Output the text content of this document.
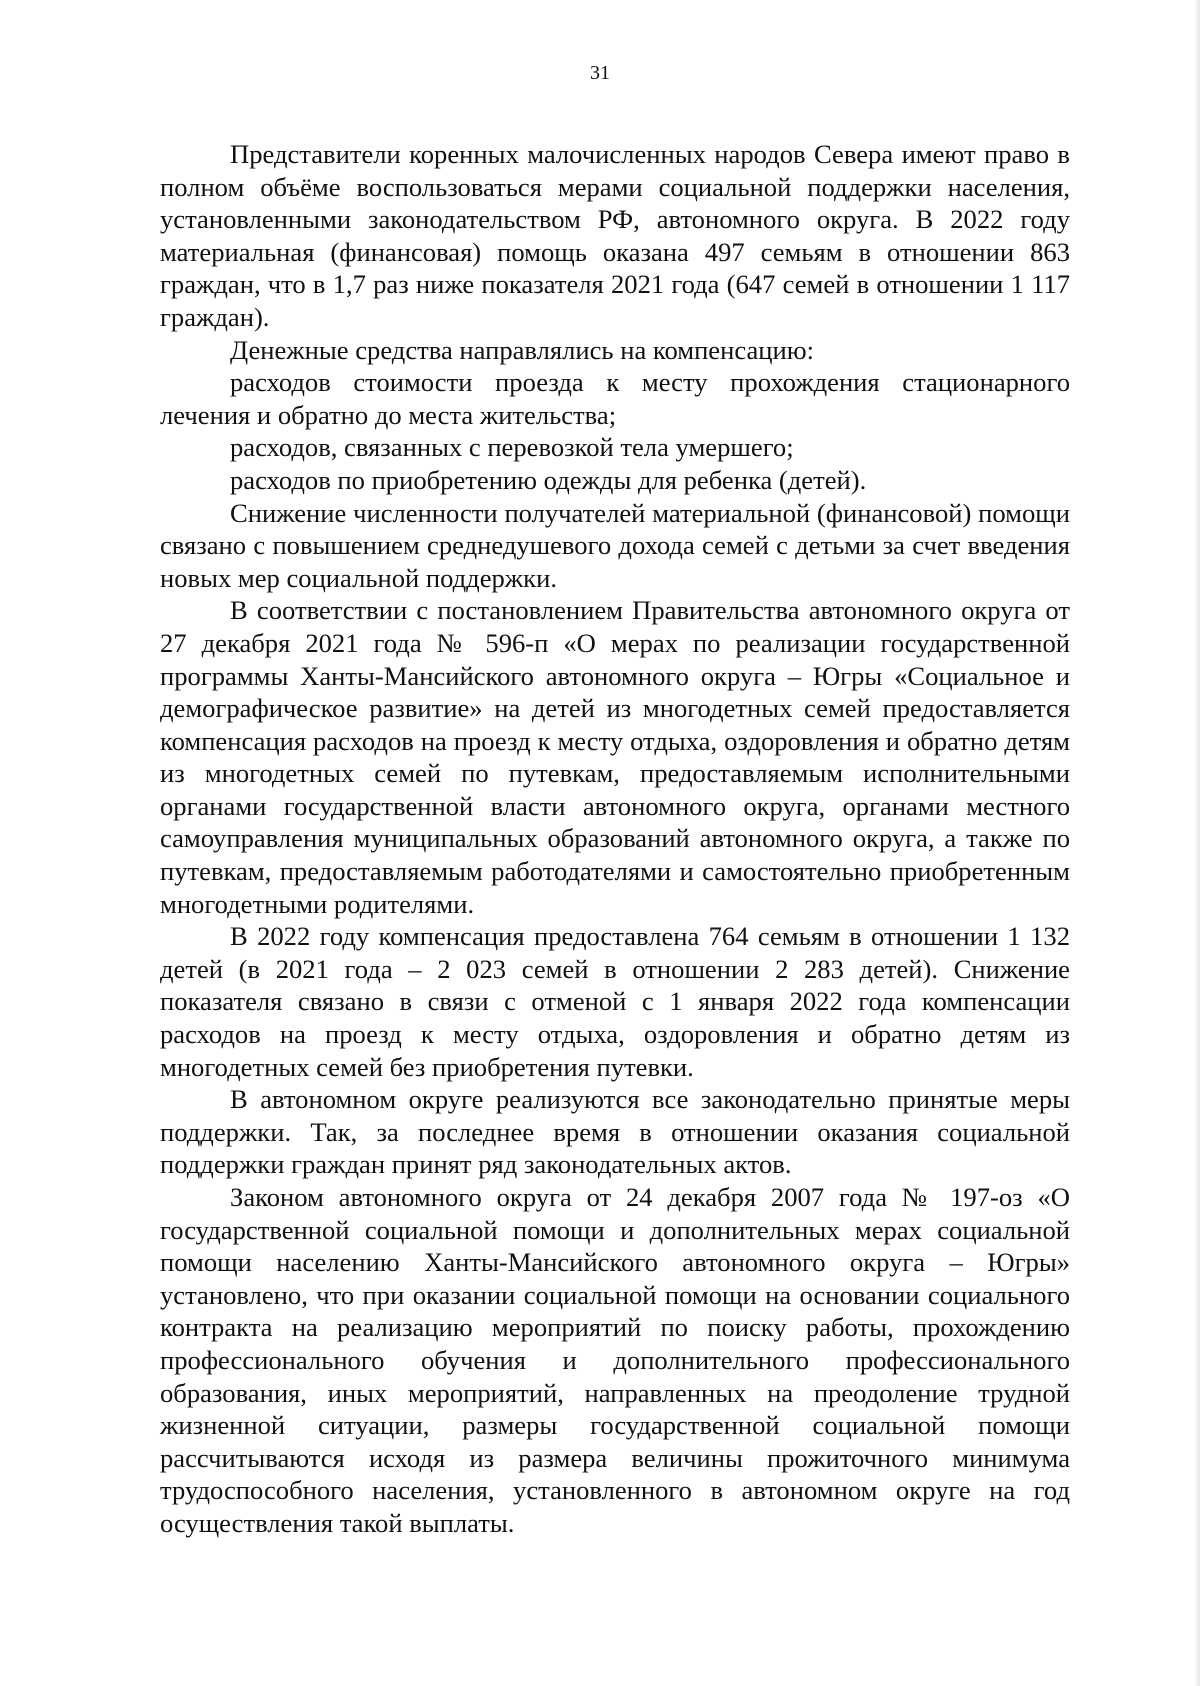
31

Представители коренных малочисленных народов Севера имеют право в полном объёме воспользоваться мерами социальной поддержки населения, установленными законодательством РФ, автономного округа. В 2022 году материальная (финансовая) помощь оказана 497 семьям в отношении 863 граждан, что в 1,7 раз ниже показателя 2021 года (647 семей в отношении 1 117 граждан).

Денежные средства направлялись на компенсацию:

расходов стоимости проезда к месту прохождения стационарного лечения и обратно до места жительства;

расходов, связанных с перевозкой тела умершего;

расходов по приобретению одежды для ребенка (детей).

Снижение численности получателей материальной (финансовой) помощи связано с повышением среднедушевого дохода семей с детьми за счет введения новых мер социальной поддержки.

В соответствии с постановлением Правительства автономного округа от 27 декабря 2021 года № 596-п «О мерах по реализации государственной программы Ханты-Мансийского автономного округа – Югры «Социальное и демографическое развитие» на детей из многодетных семей предоставляется компенсация расходов на проезд к месту отдыха, оздоровления и обратно детям из многодетных семей по путевкам, предоставляемым исполнительными органами государственной власти автономного округа, органами местного самоуправления муниципальных образований автономного округа, а также по путевкам, предоставляемым работодателями и самостоятельно приобретенным многодетными родителями.

В 2022 году компенсация предоставлена 764 семьям в отношении 1 132 детей (в 2021 года – 2 023 семей в отношении 2 283 детей). Снижение показателя связано в связи с отменой с 1 января 2022 года компенсации расходов на проезд к месту отдыха, оздоровления и обратно детям из многодетных семей без приобретения путевки.

В автономном округе реализуются все законодательно принятые меры поддержки. Так, за последнее время в отношении оказания социальной поддержки граждан принят ряд законодательных актов.

Законом автономного округа от 24 декабря 2007 года № 197-оз «О государственной социальной помощи и дополнительных мерах социальной помощи населению Ханты-Мансийского автономного округа – Югры» установлено, что при оказании социальной помощи на основании социального контракта на реализацию мероприятий по поиску работы, прохождению профессионального обучения и дополнительного профессионального образования, иных мероприятий, направленных на преодоление трудной жизненной ситуации, размеры государственной социальной помощи рассчитываются исходя из размера величины прожиточного минимума трудоспособного населения, установленного в автономном округе на год осуществления такой выплаты.
